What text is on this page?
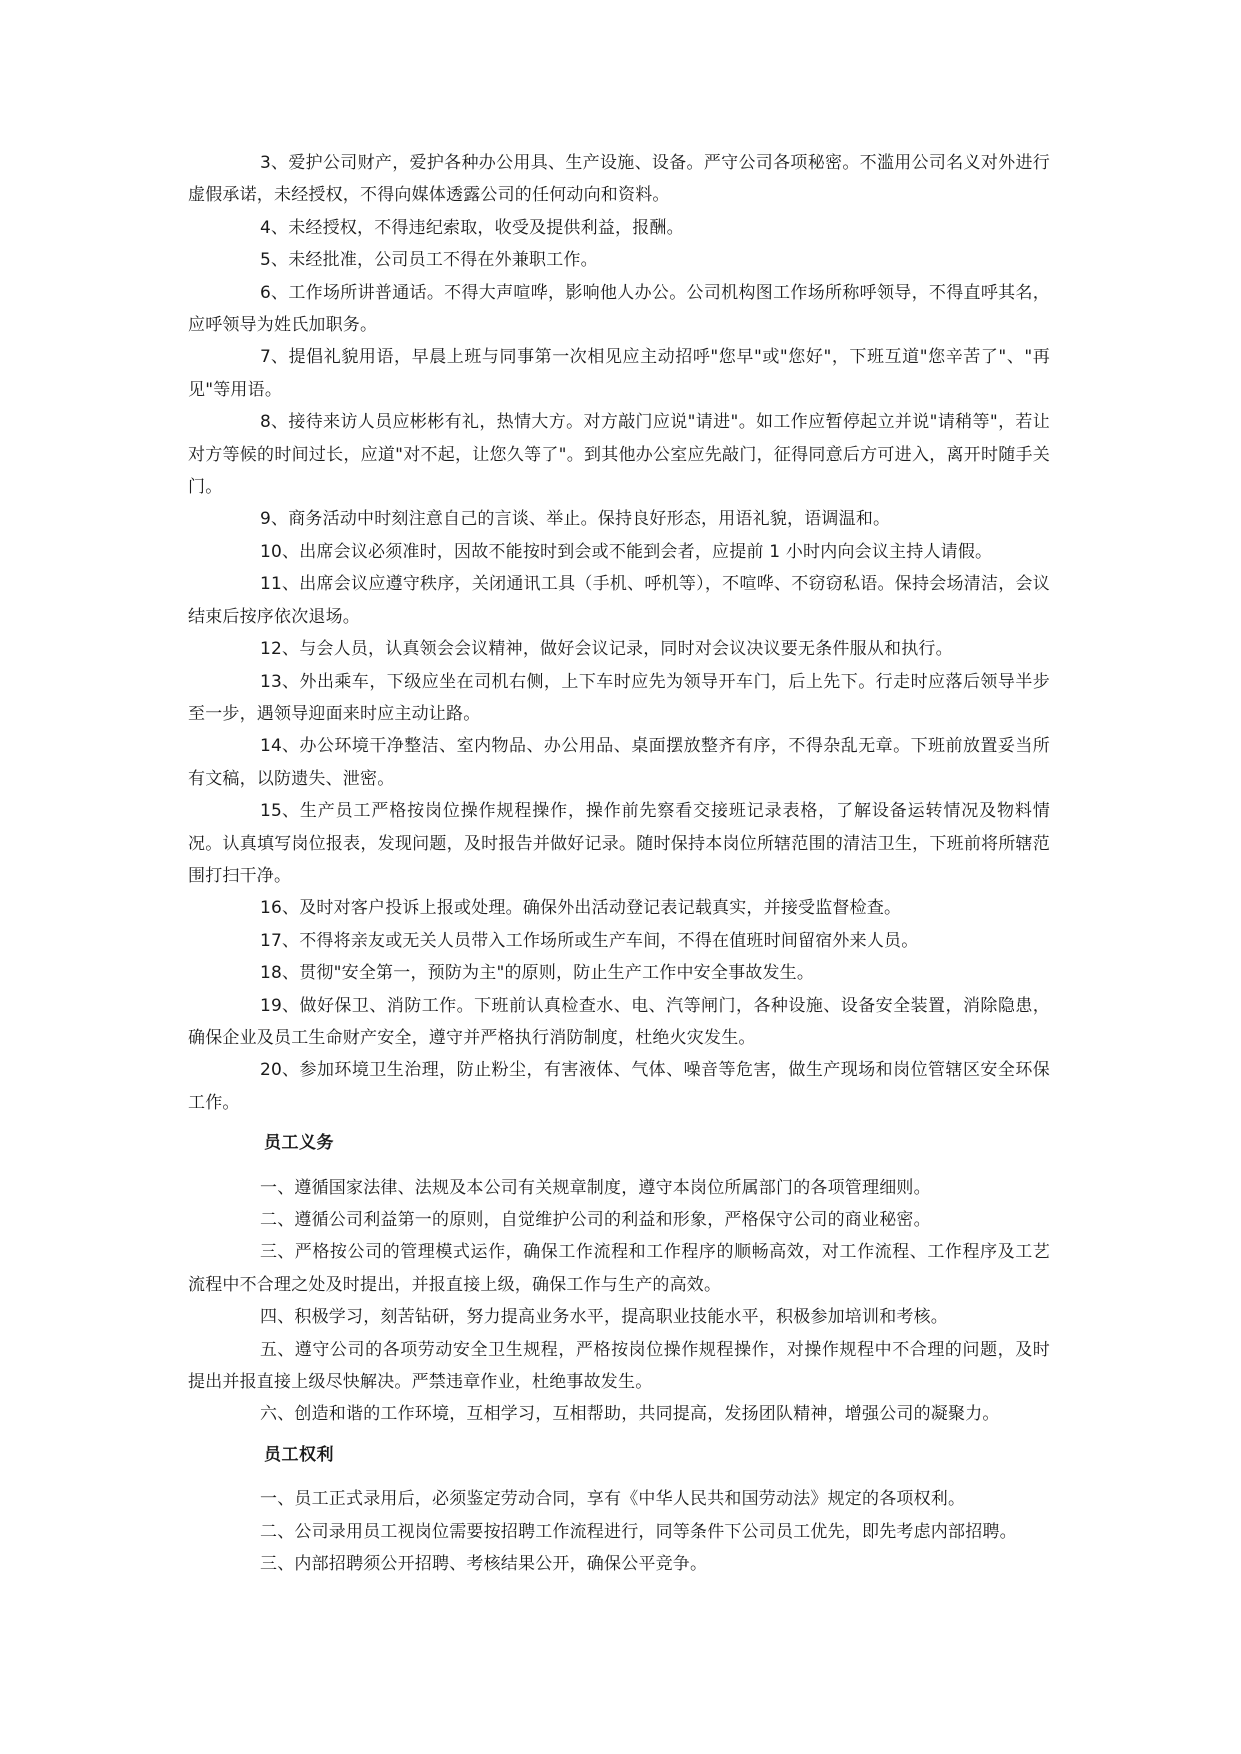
3、爱护公司财产，爱护各种办公用具、生产设施、设备。严守公司各项秘密。不滥用公司名义对外进行虚假承诺，未经授权，不得向媒体透露公司的任何动向和资料。

4、未经授权，不得违纪索取，收受及提供利益，报酬。

5、未经批准，公司员工不得在外兼职工作。

6、工作场所讲普通话。不得大声喧哗，影响他人办公。公司机构图工作场所称呼领导，不得直呼其名，应呼领导为姓氏加职务。

7、提倡礼貌用语，早晨上班与同事第一次相见应主动招呼"您早"或"您好"，下班互道"您辛苦了"、"再见"等用语。

8、接待来访人员应彬彬有礼，热情大方。对方敲门应说"请进"。如工作应暂停起立并说"请稍等"，若让对方等候的时间过长，应道"对不起，让您久等了"。到其他办公室应先敲门，征得同意后方可进入，离开时随手关门。

9、商务活动中时刻注意自己的言谈、举止。保持良好形态，用语礼貌，语调温和。

10、出席会议必须准时，因故不能按时到会或不能到会者，应提前 1 小时内向会议主持人请假。

11、出席会议应遵守秩序，关闭通讯工具（手机、呼机等），不喧哗、不窃窃私语。保持会场清洁，会议结束后按序依次退场。

12、与会人员，认真领会会议精神，做好会议记录，同时对会议决议要无条件服从和执行。

13、外出乘车，下级应坐在司机右侧，上下车时应先为领导开车门，后上先下。行走时应落后领导半步至一步，遇领导迎面来时应主动让路。

14、办公环境干净整洁、室内物品、办公用品、桌面摆放整齐有序，不得杂乱无章。下班前放置妥当所有文稿，以防遗失、泄密。

15、生产员工严格按岗位操作规程操作，操作前先察看交接班记录表格，了解设备运转情况及物料情况。认真填写岗位报表，发现问题，及时报告并做好记录。随时保持本岗位所辖范围的清洁卫生，下班前将所辖范围打扫干净。

16、及时对客户投诉上报或处理。确保外出活动登记表记载真实，并接受监督检查。

17、不得将亲友或无关人员带入工作场所或生产车间，不得在值班时间留宿外来人员。

18、贯彻"安全第一，预防为主"的原则，防止生产工作中安全事故发生。

19、做好保卫、消防工作。下班前认真检查水、电、汽等闸门，各种设施、设备安全装置，消除隐患，确保企业及员工生命财产安全，遵守并严格执行消防制度，杜绝火灾发生。

20、参加环境卫生治理，防止粉尘，有害液体、气体、噪音等危害，做生产现场和岗位管辖区安全环保工作。

员工义务

一、遵循国家法律、法规及本公司有关规章制度，遵守本岗位所属部门的各项管理细则。

二、遵循公司利益第一的原则，自觉维护公司的利益和形象，严格保守公司的商业秘密。

三、严格按公司的管理模式运作，确保工作流程和工作程序的顺畅高效，对工作流程、工作程序及工艺流程中不合理之处及时提出，并报直接上级，确保工作与生产的高效。

四、积极学习，刻苦钻研，努力提高业务水平，提高职业技能水平，积极参加培训和考核。

五、遵守公司的各项劳动安全卫生规程，严格按岗位操作规程操作，对操作规程中不合理的问题，及时提出并报直接上级尽快解决。严禁违章作业，杜绝事故发生。

六、创造和谐的工作环境，互相学习，互相帮助，共同提高，发扬团队精神，增强公司的凝聚力。

员工权利

一、员工正式录用后，必须鉴定劳动合同，享有《中华人民共和国劳动法》规定的各项权利。

二、公司录用员工视岗位需要按招聘工作流程进行，同等条件下公司员工优先，即先考虑内部招聘。

三、内部招聘须公开招聘、考核结果公开，确保公平竞争。
